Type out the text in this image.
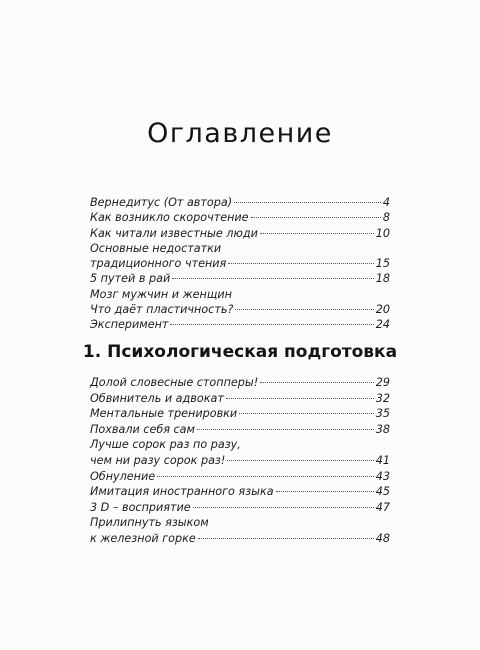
Оглавление
Вернедитус (От автора)	4
Как возникло скорочтение	8
Как читали известные люди	10
Основные недостатки
традиционного чтения	15
5 путей в рай	18
Мозг мужчин и женщин
Что даёт пластичность?	20
Эксперимент	24
1. Психологическая подготовка
Долой словесные стопперы!	29
Обвинитель и адвокат	32
Ментальные тренировки	35
Похвали себя сам	38
Лучше сорок раз по разу,
чем ни разу сорок раз!	41
Обнуление	43
Имитация иностранного языка	45
3 D – восприятие	47
Прилипнуть языком
к железной горке	48
